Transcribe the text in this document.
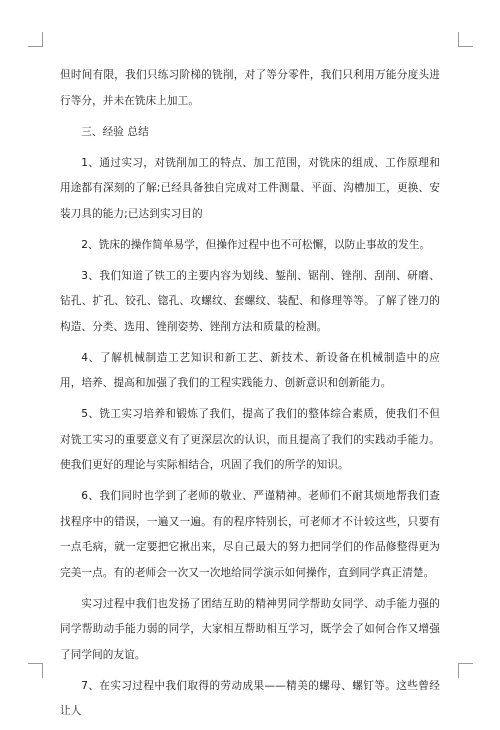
但时间有限，我们只练习阶梯的铣削，对了等分零件，我们只利用万能分度头进行等分，并未在铣床上加工。

三、经验 总结

1、通过实习，对铣削加工的特点、加工范围，对铣床的组成、工作原理和用途都有深刻的了解;已经具备独自完成对工件测量、平面、沟槽加工，更换、安装刀具的能力;已达到实习目的

2、铣床的操作简单易学，但操作过程中也不可松懈，以防止事故的发生。

3、我们知道了铁工的主要内容为划线、錾削、锯削、锉削、刮削、研磨、钻孔、扩孔、铰孔、锪孔、攻螺纹、套螺纹、装配、和修理等等。了解了锉刀的构造、分类、选用、锉削姿势、锉削方法和质量的检测。

4、了解机械制造工艺知识和新工艺、新技术、新设备在机械制造中的应用，培养、提高和加强了我们的工程实践能力、创新意识和创新能力。

5、铣工实习培养和锻炼了我们，提高了我们的整体综合素质，使我们不但对铣工实习的重要意义有了更深层次的认识，而且提高了我们的实践动手能力。使我们更好的理论与实际相结合，巩固了我们的所学的知识。

6、我们同时也学到了老师的敬业、严谨精神。老师们不耐其烦地帮我们查找程序中的错误，一遍又一遍。有的程序特别长，可老师才不计较这些，只要有一点毛病，就一定要把它揪出来，尽自己最大的努力把同学们的作品修整得更为完美一点。有的老师会一次又一次地给同学演示如何操作，直到同学真正清楚。

实习过程中我们也发扬了团结互助的精神男同学帮助女同学、动手能力强的同学帮助动手能力弱的同学，大家相互帮助相互学习，既学会了如何合作又增强了同学间的友谊。

7、在实习过程中我们取得的劳动成果——精美的螺母、螺钉等。这些曾经让人
